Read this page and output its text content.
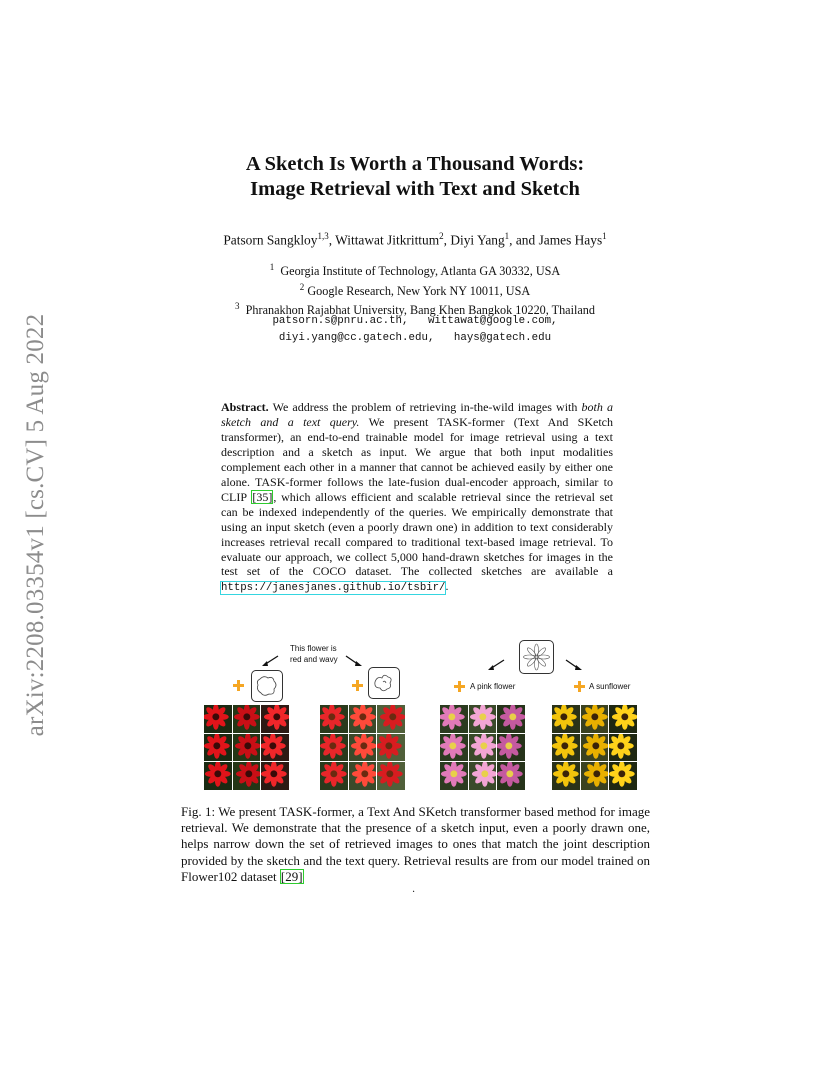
arXiv:2208.03354v1 [cs.CV] 5 Aug 2022
A Sketch Is Worth a Thousand Words:
Image Retrieval with Text and Sketch
Patsorn Sangkloy$^{1,3}$, Wittawat Jitkrittum$^2$, Diyi Yang$^1$, and James Hays$^1$
$^1$ Georgia Institute of Technology, Atlanta GA 30332, USA
$^2$ Google Research, New York NY 10011, USA
$^3$ Phranakhon Rajabhat University, Bang Khen Bangkok 10220, Thailand
patsorn.s@pnru.ac.th,   wittawat@google.com,
diyi.yang@cc.gatech.edu,   hays@gatech.edu
Abstract. We address the problem of retrieving in-the-wild images with both a sketch and a text query. We present TASK-former (Text And SKetch transformer), an end-to-end trainable model for image retrieval using a text description and a sketch as input. We argue that both input modalities complement each other in a manner that cannot be achieved easily by either one alone. TASK-former follows the late-fusion dual-encoder approach, similar to CLIP [35], which allows efficient and scalable retrieval since the retrieval set can be indexed independently of the queries. We empirically demonstrate that using an input sketch (even a poorly drawn one) in addition to text considerably increases retrieval recall compared to traditional text-based image retrieval. To evaluate our approach, we collect 5,000 hand-drawn sketches for images in the test set of the COCO dataset. The collected sketches are available a https://janesjanes.github.io/tsbir/.
This flower is
red and wavy
A pink flower	A sunflower
Fig. 1: We present TASK-former, a Text And SKetch transformer based method for image retrieval. We demonstrate that the presence of a sketch input, even a poorly drawn one, helps narrow down the set of retrieved images to ones that match the joint description provided by the sketch and the text query. Retrieval results are from our model trained on Flower102 dataset [29]
.
